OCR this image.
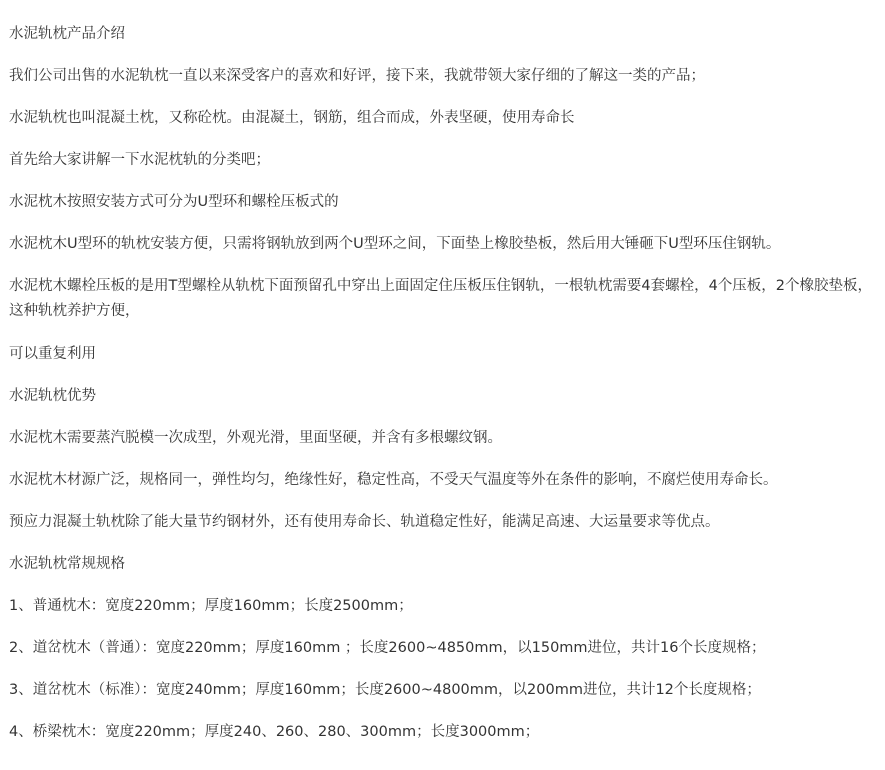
水泥轨枕产品介绍

我们公司出售的水泥轨枕一直以来深受客户的喜欢和好评，接下来，我就带领大家仔细的了解这一类的产品；

水泥轨枕也叫混凝土枕，又称砼枕。由混凝土，钢筋，组合而成，外表坚硬，使用寿命长

首先给大家讲解一下水泥枕轨的分类吧；

水泥枕木按照安装方式可分为U型环和螺栓压板式的

水泥枕木U型环的轨枕安装方便，只需将钢轨放到两个U型环之间，下面垫上橡胶垫板，然后用大锤砸下U型环压住钢轨。

水泥枕木螺栓压板的是用T型螺栓从轨枕下面预留孔中穿出上面固定住压板压住钢轨，一根轨枕需要4套螺栓，4个压板，2个橡胶垫板，这种轨枕养护方便，

可以重复利用

水泥轨枕优势

水泥枕木需要蒸汽脱模一次成型，外观光滑，里面坚硬，并含有多根螺纹钢。

水泥枕木材源广泛，规格同一，弹性均匀，绝缘性好，稳定性高，不受天气温度等外在条件的影响，不腐烂使用寿命长。

预应力混凝土轨枕除了能大量节约钢材外，还有使用寿命长、轨道稳定性好，能满足高速、大运量要求等优点。

水泥轨枕常规规格

1、普通枕木：宽度220mm；厚度160mm；长度2500mm；

2、道岔枕木（普通）：宽度220mm；厚度160mm ；长度2600~4850mm，以150mm进位，共计16个长度规格；

3、道岔枕木（标准）：宽度240mm；厚度160mm；长度2600~4800mm，以200mm进位，共计12个长度规格；

4、桥梁枕木：宽度220mm；厚度240、260、280、300mm；长度3000mm；
